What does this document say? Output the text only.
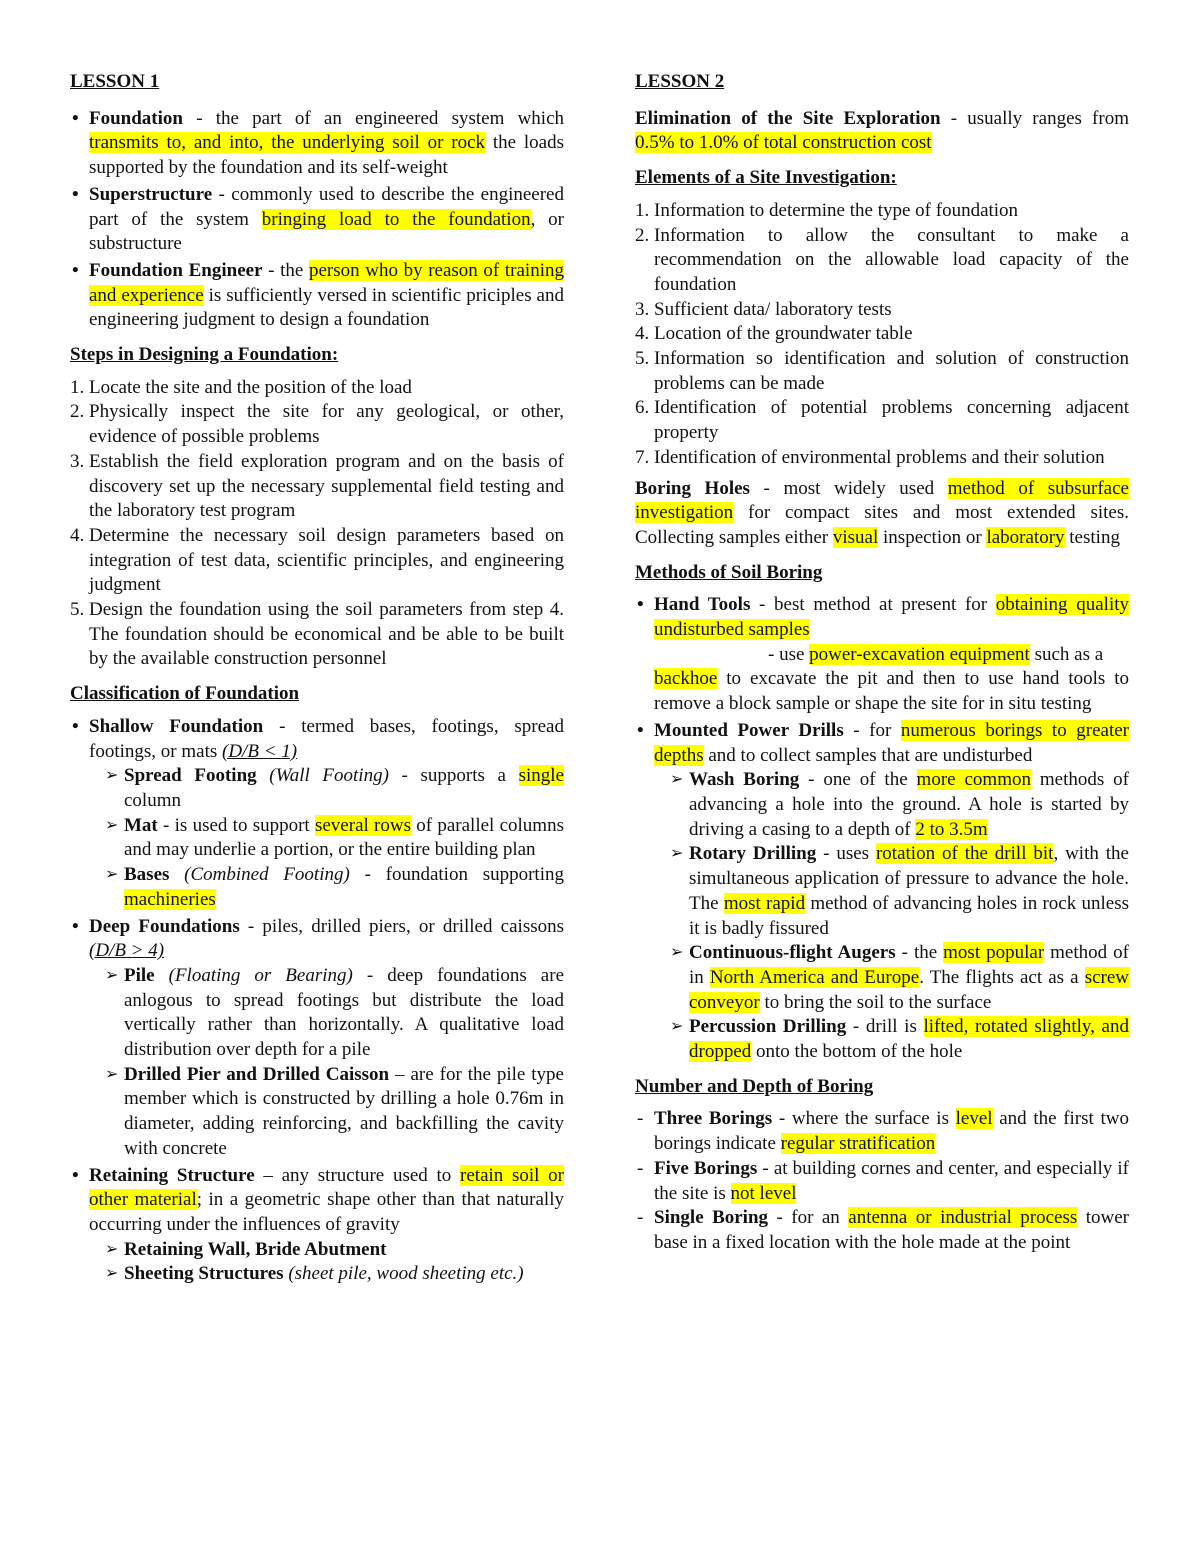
LESSON 1
• Foundation - the part of an engineered system which transmits to, and into, the underlying soil or rock the loads supported by the foundation and its self-weight
• Superstructure - commonly used to describe the engineered part of the system bringing load to the foundation, or substructure
• Foundation Engineer - the person who by reason of training and experience is sufficiently versed in scientific priciples and engineering judgment to design a foundation
Steps in Designing a Foundation:
1. Locate the site and the position of the load
2. Physically inspect the site for any geological, or other, evidence of possible problems
3. Establish the field exploration program and on the basis of discovery set up the necessary supplemental field testing and the laboratory test program
4. Determine the necessary soil design parameters based on integration of test data, scientific principles, and engineering judgment
5. Design the foundation using the soil parameters from step 4. The foundation should be economical and be able to be built by the available construction personnel
Classification of Foundation
• Shallow Foundation - termed bases, footings, spread footings, or mats (D/B < 1)
➢ Spread Footing (Wall Footing) - supports a single column
➢ Mat - is used to support several rows of parallel columns and may underlie a portion, or the entire building plan
➢ Bases (Combined Footing) - foundation supporting machineries
• Deep Foundations - piles, drilled piers, or drilled caissons (D/B > 4)
➢ Pile (Floating or Bearing) - deep foundations are anlogous to spread footings but distribute the load vertically rather than horizontally. A qualitative load distribution over depth for a pile
➢ Drilled Pier and Drilled Caisson – are for the pile type member which is constructed by drilling a hole 0.76m in diameter, adding reinforcing, and backfilling the cavity with concrete
• Retaining Structure – any structure used to retain soil or other material; in a geometric shape other than that naturally occurring under the influences of gravity
➢ Retaining Wall, Bride Abutment
➢ Sheeting Structures (sheet pile, wood sheeting etc.)
LESSON 2

Elimination of the Site Exploration - usually ranges from 0.5% to 1.0% of total construction cost

Elements of a Site Investigation:
1. Information to determine the type of foundation
2. Information to allow the consultant to make a recommendation on the allowable load capacity of the foundation
3. Sufficient data/ laboratory tests
4. Location of the groundwater table
5. Information so identification and solution of construction problems can be made
6. Identification of potential problems concerning adjacent property
7. Identification of environmental problems and their solution

Boring Holes - most widely used method of subsurface investigation for compact sites and most extended sites. Collecting samples either visual inspection or laboratory testing

Methods of Soil Boring
• Hand Tools - best method at present for obtaining quality undisturbed samples
- use power-excavation equipment such as a
backhoe to excavate the pit and then to use hand tools to remove a block sample or shape the site for in situ testing
• Mounted Power Drills - for numerous borings to greater depths and to collect samples that are undisturbed
➢ Wash Boring - one of the more common methods of advancing a hole into the ground. A hole is started by driving a casing to a depth of 2 to 3.5m
➢ Rotary Drilling - uses rotation of the drill bit, with the simultaneous application of pressure to advance the hole. The most rapid method of advancing holes in rock unless it is badly fissured
➢ Continuous-flight Augers - the most popular method of in North America and Europe. The flights act as a screw conveyor to bring the soil to the surface
➢ Percussion Drilling - drill is lifted, rotated slightly, and dropped onto the bottom of the hole
Number and Depth of Boring
- Three Borings - where the surface is level and the first two borings indicate regular stratification
- Five Borings - at building cornes and center, and especially if the site is not level
- Single Boring - for an antenna or industrial process tower base in a fixed location with the hole made at the point
